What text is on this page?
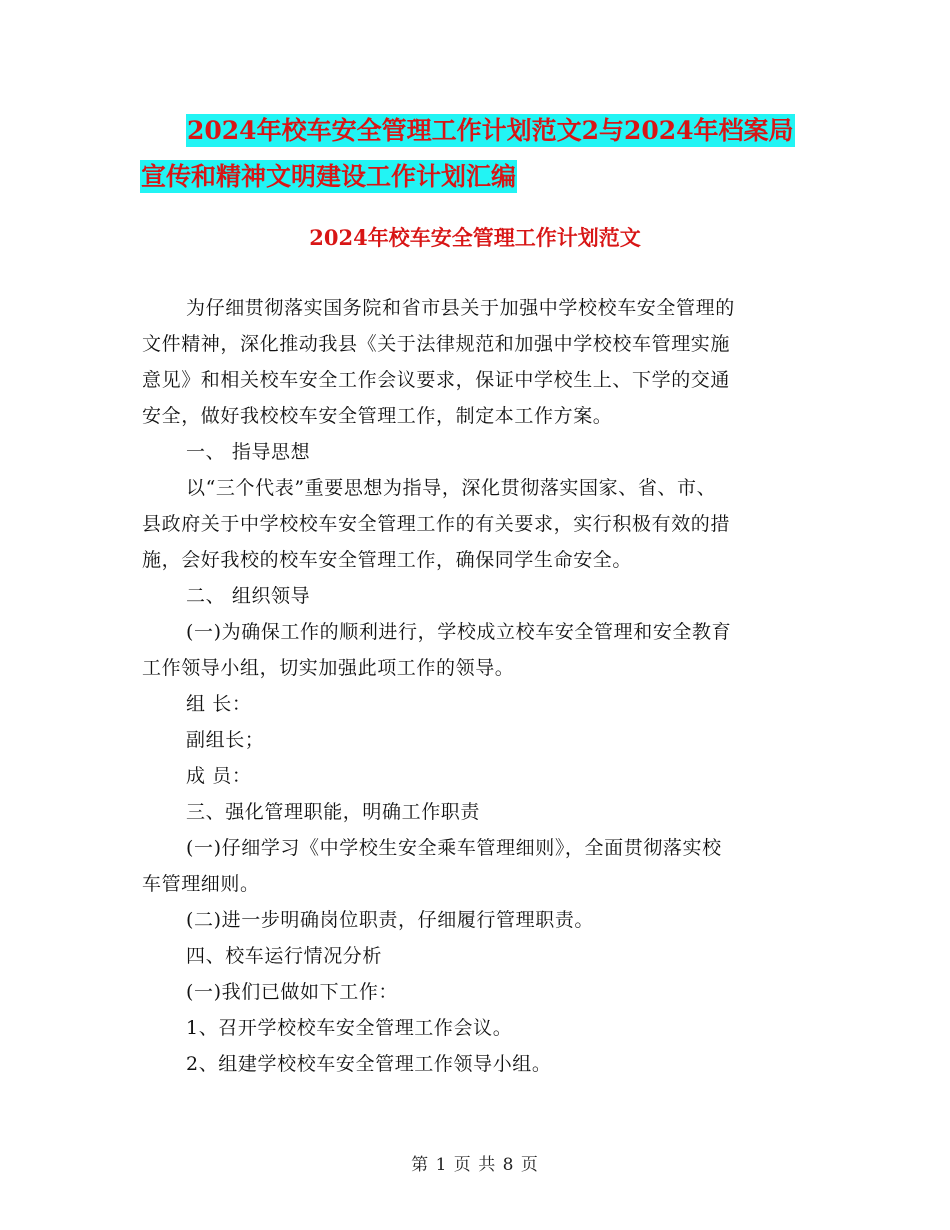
2024年校车安全管理工作计划范文2与2024年档案局
宣传和精神文明建设工作计划汇编
2024年校车安全管理工作计划范文

为仔细贯彻落实国务院和省市县关于加强中学校校车安全管理的

文件精神，深化推动我县《关于法律规范和加强中学校校车管理实施

意见》和相关校车安全工作会议要求，保证中学校生上、下学的交通

安全，做好我校校车安全管理工作，制定本工作方案。

一、 指导思想

以“三个代表”重要思想为指导，深化贯彻落实国家、省、市、

县政府关于中学校校车安全管理工作的有关要求，实行积极有效的措

施，会好我校的校车安全管理工作，确保同学生命安全。

二、 组织领导

(一)为确保工作的顺利进行，学校成立校车安全管理和安全教育

工作领导小组，切实加强此项工作的领导。

组 长：

副组长；

成 员：

三、强化管理职能，明确工作职责

(一)仔细学习《中学校生安全乘车管理细则》，全面贯彻落实校

车管理细则。

(二)进一步明确岗位职责，仔细履行管理职责。

四、校车运行情况分析

(一)我们已做如下工作：

1、召开学校校车安全管理工作会议。

2、组建学校校车安全管理工作领导小组。

第 1 页 共 8 页
